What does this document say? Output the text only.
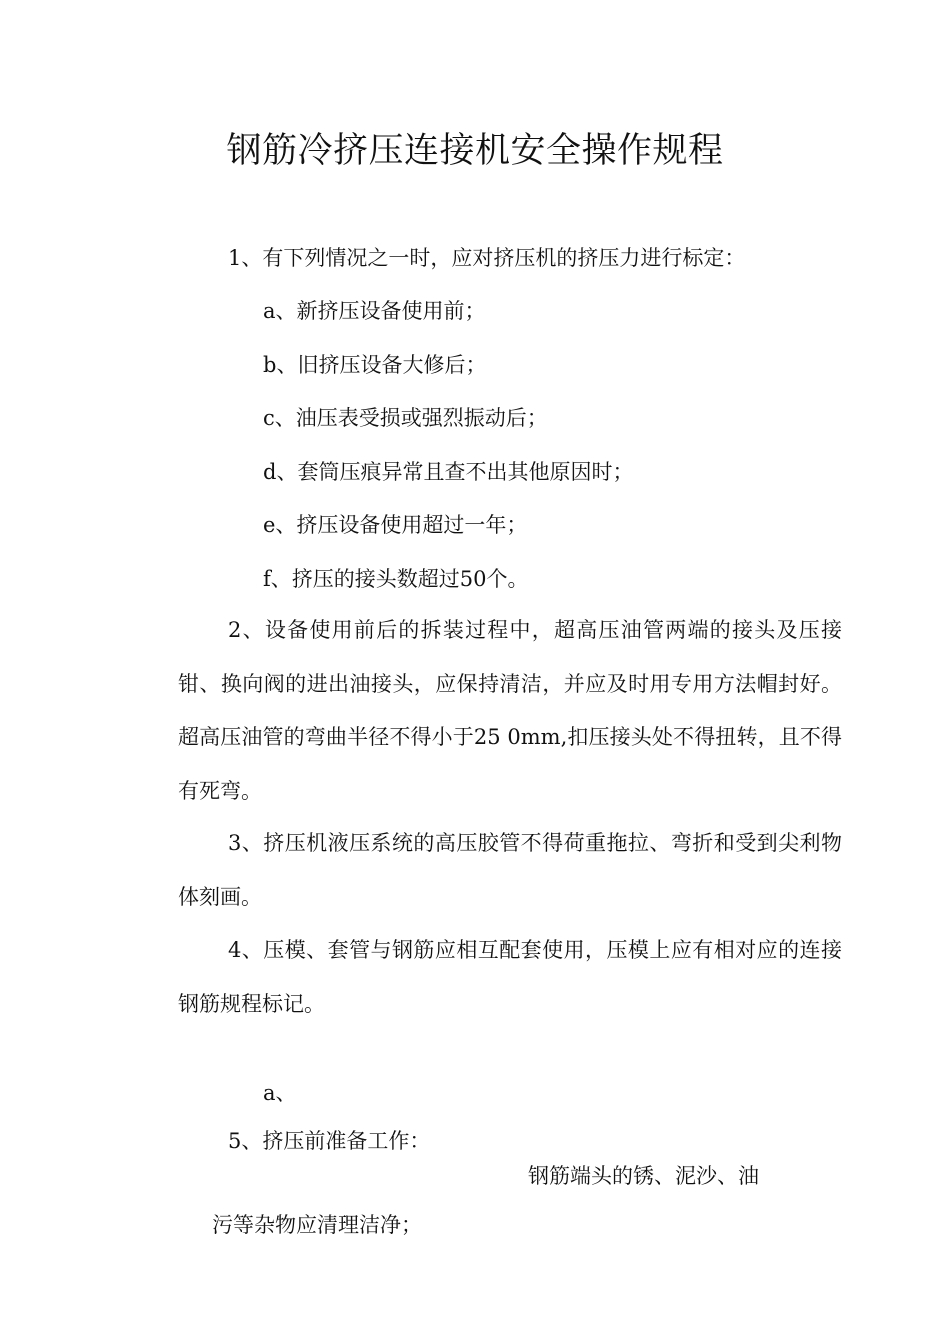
钢筋冷挤压连接机安全操作规程
1、有下列情况之一时，应对挤压机的挤压力进行标定：
a、新挤压设备使用前；
b、旧挤压设备大修后；
c、油压表受损或强烈振动后；
d、套筒压痕异常且查不出其他原因时；
e、挤压设备使用超过一年；
f、挤压的接头数超过50个。
2、设备使用前后的拆装过程中，超高压油管两端的接头及压接钳、换向阀的进出油接头，应保持清洁，并应及时用专用方法帽封好。超高压油管的弯曲半径不得小于25 0mm,扣压接头处不得扭转，且不得有死弯。
3、挤压机液压系统的高压胶管不得荷重拖拉、弯折和受到尖利物体刻画。
4、压模、套管与钢筋应相互配套使用，压模上应有相对应的连接钢筋规程标记。
a、
5、挤压前准备工作：
钢筋端头的锈、泥沙、油
污等杂物应清理洁净；
